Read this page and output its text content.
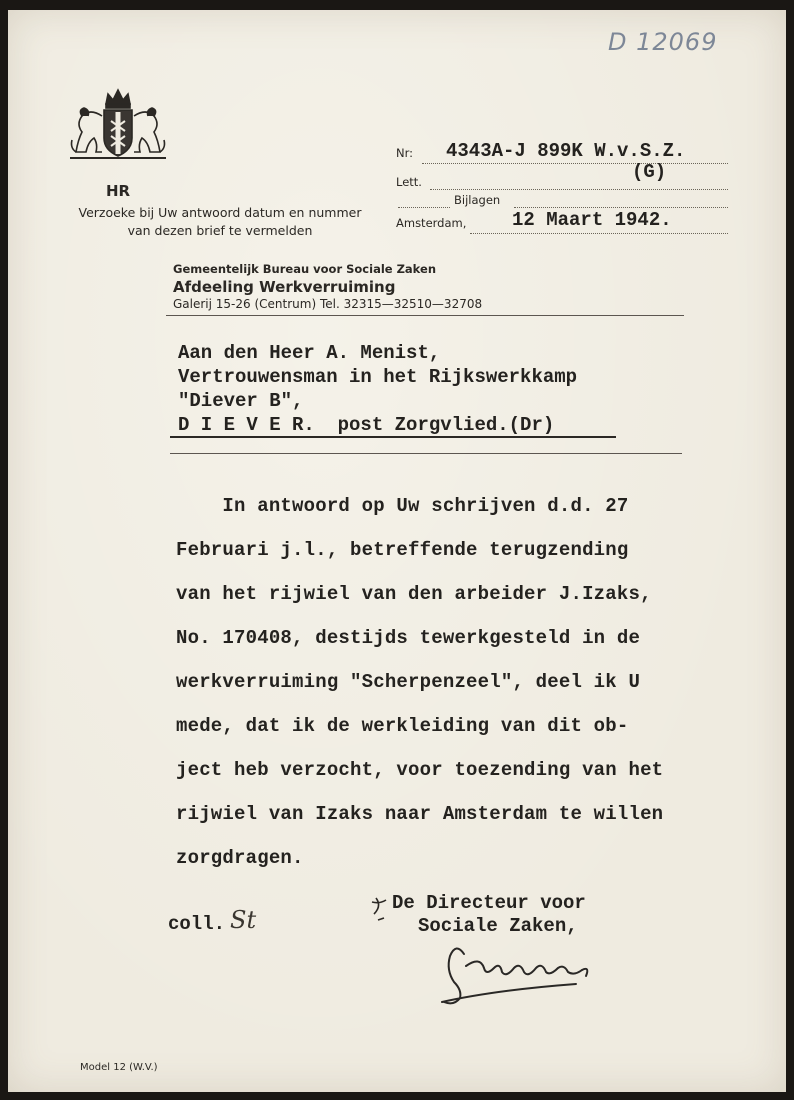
D 12069
HR
Verzoeke bij Uw antwoord datum en nummer van dezen brief te vermelden
Nr: 4343A-J 899K W.v.S.Z.
Lett.	(G)
Bijlagen
Amsterdam, 12 Maart 1942.
Gemeentelijk Bureau voor Sociale Zaken
Afdeeling Werkverruiming
Galerij 15-26 (Centrum) Tel. 32315—32510—32708
Aan den Heer A. Menist,
Vertrouwensman in het Rijkswerkkamp
"Diever B",
D I E V E R.  post Zorgvlied.(Dr)
In antwoord op Uw schrijven d.d. 27
Februari j.l., betreffende terugzending
van het rijwiel van den arbeider J.Izaks,
No. 170408, destijds tewerkgesteld in de
werkverruiming "Scherpenzeel", deel ik U
mede, dat ik de werkleiding van dit ob-
ject heb verzocht, voor toezending van het
rijwiel van Izaks naar Amsterdam te willen
zorgdragen.
coll. St
De Directeur voor
Sociale Zaken,
Model 12 (W.V.)
